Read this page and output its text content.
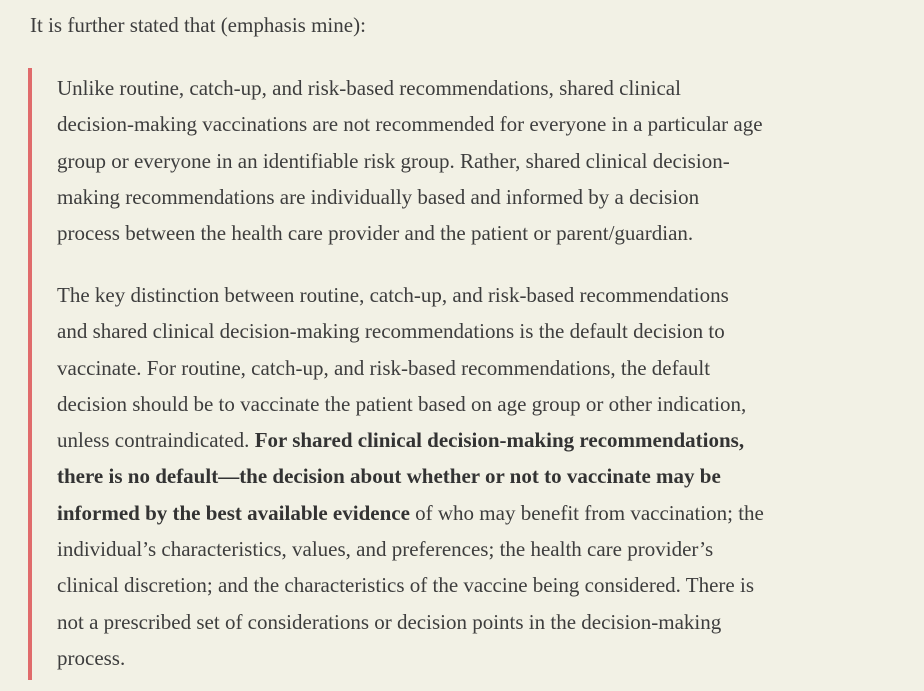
It is further stated that (emphasis mine):

Unlike routine, catch-up, and risk-based recommendations, shared clinical
decision-making vaccinations are not recommended for everyone in a particular age
group or everyone in an identifiable risk group. Rather, shared clinical decision-
making recommendations are individually based and informed by a decision
process between the health care provider and the patient or parent/guardian.

The key distinction between routine, catch-up, and risk-based recommendations
and shared clinical decision-making recommendations is the default decision to
vaccinate. For routine, catch-up, and risk-based recommendations, the default
decision should be to vaccinate the patient based on age group or other indication,
unless contraindicated. For shared clinical decision-making recommendations,
there is no default—the decision about whether or not to vaccinate may be
informed by the best available evidence of who may benefit from vaccination; the
individual’s characteristics, values, and preferences; the health care provider’s
clinical discretion; and the characteristics of the vaccine being considered. There is
not a prescribed set of considerations or decision points in the decision-making
process.
